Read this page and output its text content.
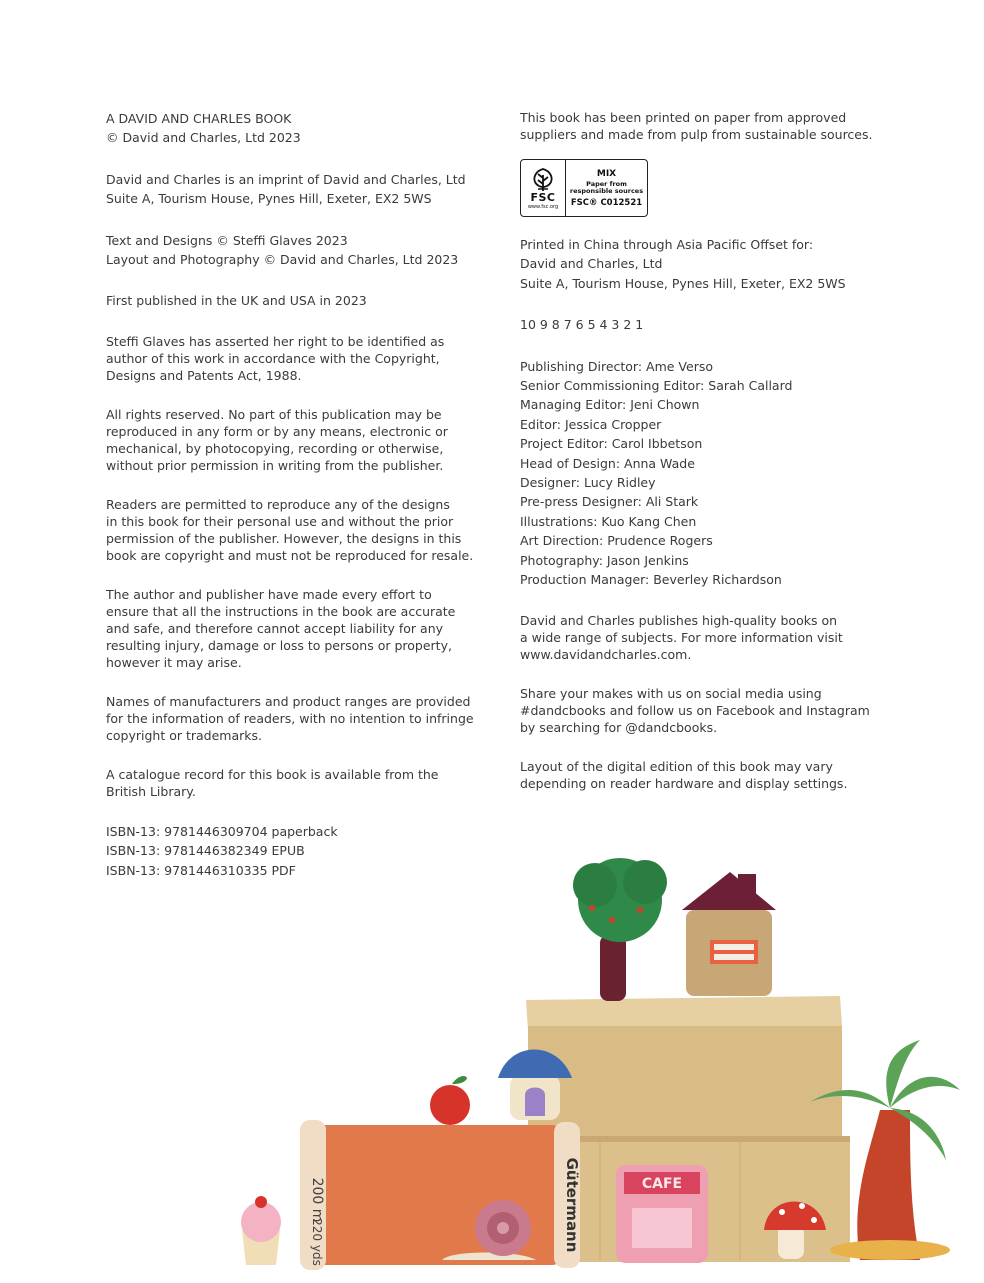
A DAVID AND CHARLES BOOK
© David and Charles, Ltd 2023

David and Charles is an imprint of David and Charles, Ltd
Suite A, Tourism House, Pynes Hill, Exeter, EX2 5WS

Text and Designs © Steffi Glaves 2023
Layout and Photography © David and Charles, Ltd 2023

First published in the UK and USA in 2023

Steffi Glaves has asserted her right to be identified as
author of this work in accordance with the Copyright,
Designs and Patents Act, 1988.

All rights reserved. No part of this publication may be
reproduced in any form or by any means, electronic or
mechanical, by photocopying, recording or otherwise,
without prior permission in writing from the publisher.

Readers are permitted to reproduce any of the designs
in this book for their personal use and without the prior
permission of the publisher. However, the designs in this
book are copyright and must not be reproduced for resale.

The author and publisher have made every effort to
ensure that all the instructions in the book are accurate
and safe, and therefore cannot accept liability for any
resulting injury, damage or loss to persons or property,
however it may arise.

Names of manufacturers and product ranges are provided
for the information of readers, with no intention to infringe
copyright or trademarks.

A catalogue record for this book is available from the
British Library.

ISBN-13: 9781446309704 paperback
ISBN-13: 9781446382349 EPUB
ISBN-13: 9781446310335 PDF

This book has been printed on paper from approved
suppliers and made from pulp from sustainable sources.

FSC
www.fsc.org
MIX
Paper from
responsible sources
FSC® C012521

Printed in China through Asia Pacific Offset for:
David and Charles, Ltd
Suite A, Tourism House, Pynes Hill, Exeter, EX2 5WS

10 9 8 7 6 5 4 3 2 1

Publishing Director: Ame Verso
Senior Commissioning Editor: Sarah Callard
Managing Editor: Jeni Chown
Editor: Jessica Cropper
Project Editor: Carol Ibbetson
Head of Design: Anna Wade
Designer: Lucy Ridley
Pre-press Designer: Ali Stark
Illustrations: Kuo Kang Chen
Art Direction: Prudence Rogers
Photography: Jason Jenkins
Production Manager: Beverley Richardson

David and Charles publishes high-quality books on
a wide range of subjects. For more information visit
www.davidandcharles.com.

Share your makes with us on social media using
#dandcbooks and follow us on Facebook and Instagram
by searching for @dandcbooks.

Layout of the digital edition of this book may vary
depending on reader hardware and display settings.

200 m
220 yds	Gütermann	CAFE
